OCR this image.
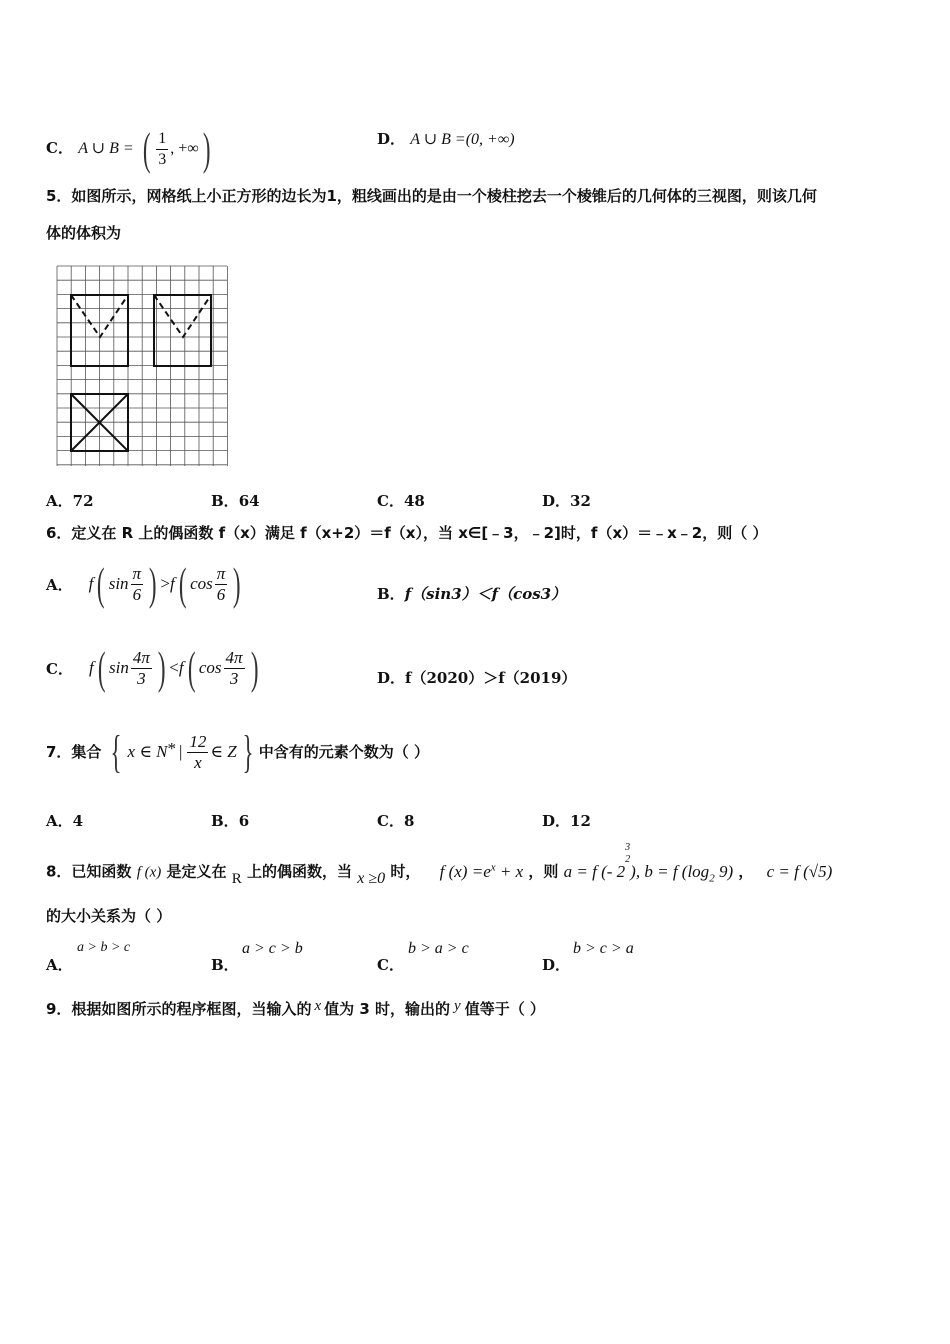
C． A ∪ B = ( $\frac{1}{3}$ , +∞)	D． A ∪ B =(0, +∞)
5．如图所示，网格纸上小正方形的边长为1，粗线画出的是由一个棱柱挖去一个棱锥后的几何体的三视图，则该几何
体的体积为
A．72	B．64	C．48	D．32
6．定义在 R 上的偶函数 f（x）满足 f（x+2）＝f（x），当 x∈[﹣3，﹣2]时，f（x）＝﹣x﹣2，则（ ）
A． f ( $\sin \frac{\pi}{6}$ ) > f ( $\cos \frac{\pi}{6}$ )	B．f（sin3）＜f（cos3）
C． f ( $\sin \frac{4\pi}{3}$ ) < f ( $\cos \frac{4\pi}{3}$ )	D．f（2020）＞f（2019）
7．集合 { x ∈ N * | $\frac{12}{x}$ ∈ Z } 中含有的元素个数为（ ）
A．4	B．6	C．8	D．12
8．已知函数 f (x) 是定义在 R 上的偶函数，当 x ≥0 时， f $(x) =e^x + x$ ，则 a = f (- 2
3
2
), b = f ($\log_2$ 9) ， c = f (√5)
的大小关系为（ ）
A．
a > b > c
B．
a > c > b
C．
b > a > c
D．
b > c > a
9．根据如图所示的程序框图，当输入的 x 值为 3 时，输出的 y 值等于（ ）
